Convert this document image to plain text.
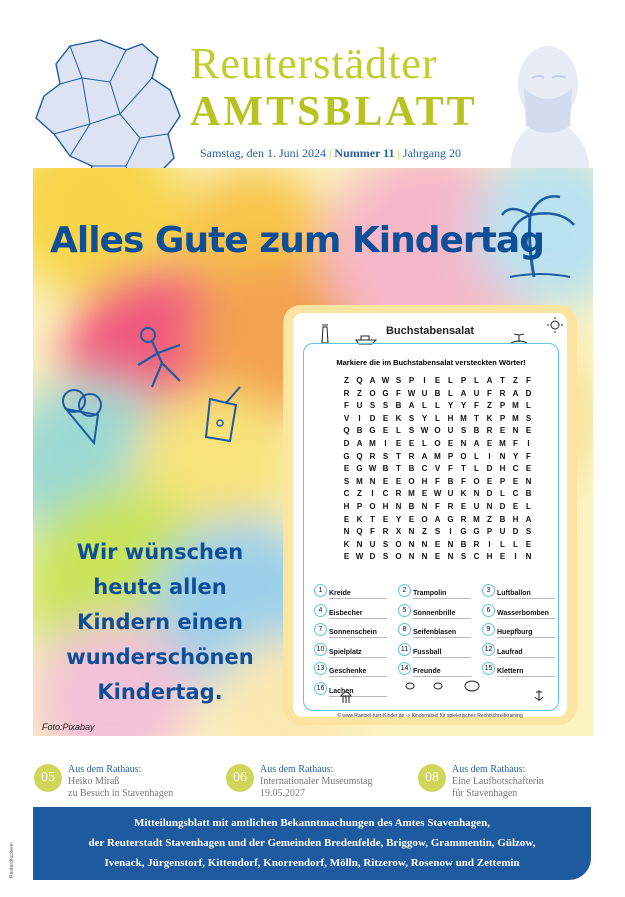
Reuterstädter
AMTSBLATT
Samstag, den 1. Juni 2024 | Nummer 11 | Jahrgang 20
Alles Gute zum Kindertag
Wir wünschen
heute allen
Kindern einen
wunderschönen
Kindertag.
Foto:Pixabay
Buchstabensalat
Markiere die im Buchstabensalat versteckten Wörter!
Z Q A W S P I E L P L A T Z F
R Z O G F W U B L A U F R A D
F U S S B A L L Y Y F Z P M L
V I D E K S Y L H M T K P M S
Q B G E L S W O U S B R E N E
D A M I E E L O E N A E M F I
G Q R S T R A M P O L I N Y F
E G W B T B C V F T L D H C E
S M N E E O H F B F O E P E N
C Z I C R M E W U K N D L C B
H P O H N B N F R E U N D E L
E K T E Y E O A G R M Z B H A
N Q F R X N Z S I G G P U D S
K N U S O N N E N B R I L L E
E W D S O N N E N S C H E I N
1 Kreide	2 Trampolin	3 Luftballon
4 Eisbecher	5 Sonnenbrille	6 Wasserbomben
7 Sonnenschein	8 Seifenblasen	9 Huepfburg
10 Spielplatz	11 Fussball	12 Laufrad
13 Geschenke	14 Freunde	15 Klettern
16 Lachen
© www.Raetsel-fuer-Kinder.de -> Kinderrätsel für spielerisches Rechtschreibtraining
05
Aus dem Rathaus:
Heiko Miraß
zu Besuch in Stavenhagen
06
Aus dem Rathaus:
Internationaler Museumstag
19.05.2027
08
Aus dem Rathaus:
Eine Laufbotschafterin
für Stavenhagen
Mitteilungsblatt mit amtlichen Bekanntmachungen des Amtes Stavenhagen,
der Reuterstadt Stavenhagen und der Gemeinden Bredenfelde, Briggow, Grammentin, Gülzow,
Ivenack, Jürgenstorf, Kittendorf, Knorrendorf, Mölln, Ritzerow, Rosenow und Zettemin
Reuterdruckerei
